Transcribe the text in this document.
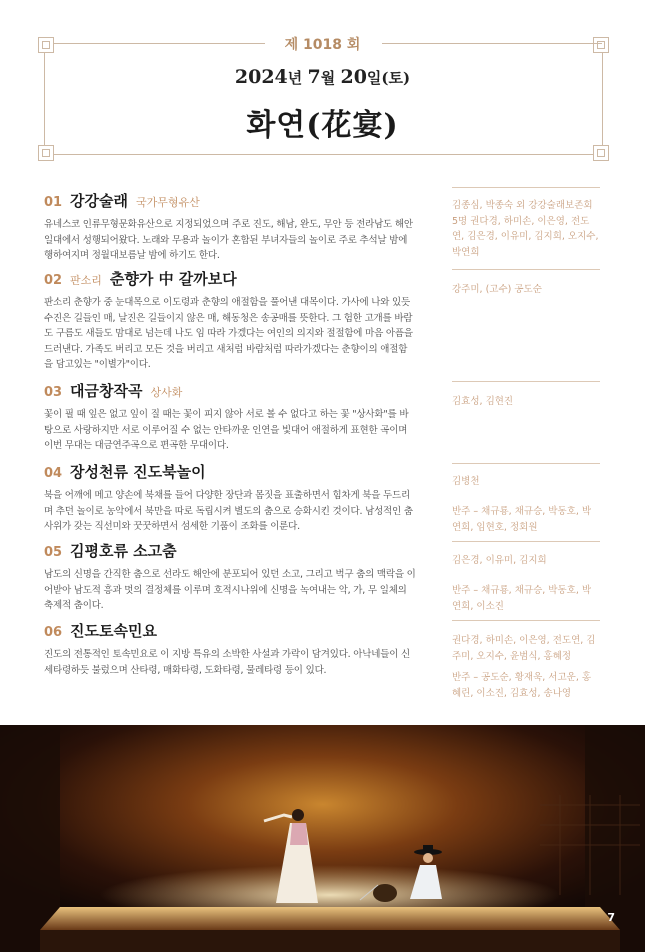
제 1018 회
2024년 7월 20일(토)
화연(花宴)
01 강강술래 국가무형유산
유네스코 인류무형문화유산으로 지정되었으며 주로 진도, 해남, 완도, 무안 등 전라남도 해안일대에서 성행되어왔다. 노래와 무용과 놀이가 혼합된 부녀자들의 놀이로 주로 추석날 밤에 행하여지며 정월대보름날 밤에 하기도 한다.
02 판소리 춘향가 中 갈까보다
판소리 춘향가 중 눈대목으로 이도령과 춘향의 애절함을 풀어낸 대목이다. 가사에 나와 있듯 수진은 길들인 매, 날진은 길들이지 않은 매, 해동청은 송공매를 뜻한다. 그 험한 고개를 바람도 구름도 새들도 맘대로 넘는데 나도 임 따라 가겠다는 여인의 의지와 절절함에 마음 아픔을 드러낸다. 가족도 버리고 모든 것을 버리고 새처럼 바람처럼 따라가겠다는 춘향이의 애절함을 담고있는 "이별가"이다.
03 대금창작곡 상사화
꽃이 필 때 잎은 없고 잎이 질 때는 꽃이 피지 않아 서로 볼 수 없다고 하는 꽃 "상사화"를 바탕으로 사랑하지만 서로 이루어질 수 없는 안타까운 인연을 빛대어 애절하게 표현한 곡이며 이번 무대는 대금연주곡으로 편곡한 무대이다.
04 장성천류 진도북놀이
북을 어깨에 메고 양손에 북채를 들어 다양한 장단과 몸짓을 표출하면서 힘차게 북을 두드리며 추던 놀이로 농악에서 북만을 따로 독립시켜 별도의 춤으로 승화시킨 것이다. 남성적인 춤사위가 갖는 직선미와 꿋꿋하면서 섬세한 기품이 조화를 이룬다.
05 김평호류 소고춤
남도의 신명을 간직한 춤으로 선라도 해안에 분포되어 있던 소고, 그리고 벅구 춤의 맥락을 이어받아 남도적 흥과 멋의 결정체를 이루며 호적시나위에 신명을 녹여내는 악, 가, 무 일체의 축제적 춤이다.
06 진도토속민요
진도의 전통적인 토속민요로 이 지방 특유의 소박한 사설과 가락이 담겨있다. 아낙네들이 신세타령하듯 불렀으며 산타령, 매화타령, 도화타령, 물레타령 등이 있다.
김종심, 박종숙 외 강강술래보존회 5명 권다경, 하미손, 이은영, 전도연, 김은경, 이유미, 김지희, 오지수, 박연희
강주미, (고수) 공도순
김효성, 김현진
김병천
반주 – 채규룡, 채규승, 박동호, 박연희, 임현호, 정회원
김은경, 이유미, 김지희
반주 – 채규룡, 채규승, 박동호, 박연희, 이소진
권다경, 하미손, 이은영, 전도연, 김주미, 오지수, 윤범식, 홍혜정
반주 – 공도순, 황재욱, 서고운, 홍혜린, 이소진, 김효성, 송나영
7
